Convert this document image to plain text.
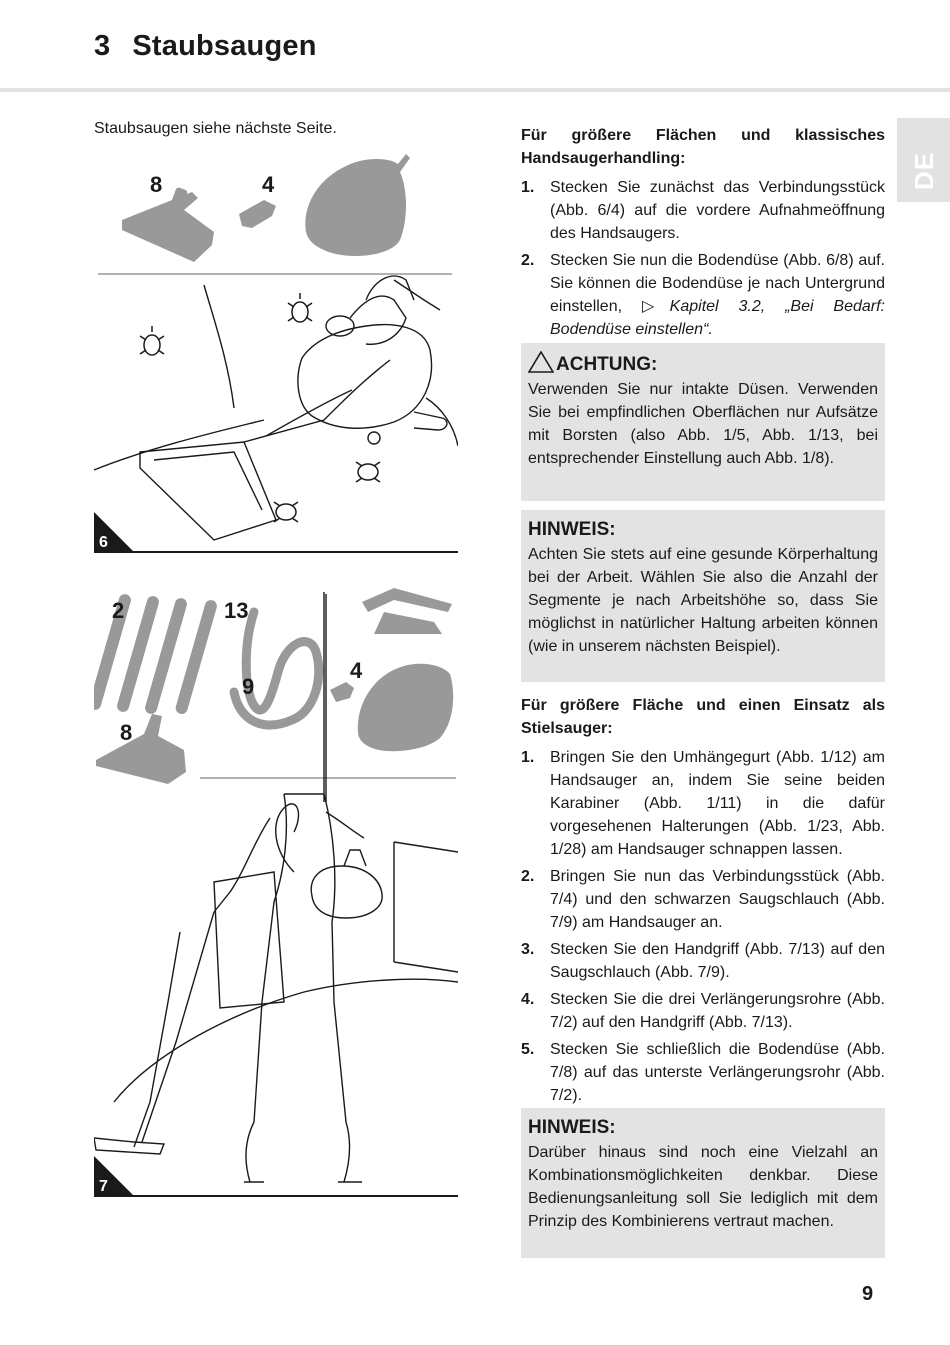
3 Staubsaugen
DE
Staubsaugen siehe nächste Seite.
8	4
6
2	13
4
9
8
7

Für größere Flächen und klassisches Handsaugerhandling:

1. Stecken Sie zunächst das Verbindungsstück (Abb. 6/4) auf die vordere Aufnahmeöffnung des Handsaugers.
2. Stecken Sie nun die Bodendüse (Abb. 6/8) auf. Sie können die Bodendüse je nach Untergrund einstellen, ▷Kapitel 3.2, „Bei Bedarf: Bodendüse einstellen“.
ACHTUNG:
Verwenden Sie nur intakte Düsen. Verwenden Sie bei empfindlichen Oberflächen nur Aufsätze mit Borsten (also Abb. 1/5, Abb. 1/13, bei entsprechender Einstellung auch Abb. 1/8).
HINWEIS:
Achten Sie stets auf eine gesunde Körperhaltung bei der Arbeit. Wählen Sie also die Anzahl der Segmente je nach Arbeitshöhe so, dass Sie möglichst in natürlicher Haltung arbeiten können (wie in unserem nächsten Beispiel).

Für größere Fläche und einen Einsatz als Stielsauger:

1. Bringen Sie den Umhängegurt (Abb. 1/12) am Handsauger an, indem Sie seine beiden Karabiner (Abb. 1/11) in die dafür vorgesehenen Halterungen (Abb. 1/23, Abb. 1/28) am Handsauger schnappen lassen.
2. Bringen Sie nun das Verbindungsstück (Abb. 7/4) und den schwarzen Saugschlauch (Abb. 7/9) am Handsauger an.
3. Stecken Sie den Handgriff (Abb. 7/13) auf den Saugschlauch (Abb. 7/9).
4. Stecken Sie die drei Verlängerungsrohre (Abb. 7/2) auf den Handgriff (Abb. 7/13).
5. Stecken Sie schließlich die Bodendüse (Abb. 7/8) auf das unterste Verlängerungsrohr (Abb. 7/2).
HINWEIS:
Darüber hinaus sind noch eine Vielzahl an Kombinationsmöglichkeiten denkbar. Diese Bedienungsanleitung soll Sie lediglich mit dem Prinzip des Kombinierens vertraut machen.
9
